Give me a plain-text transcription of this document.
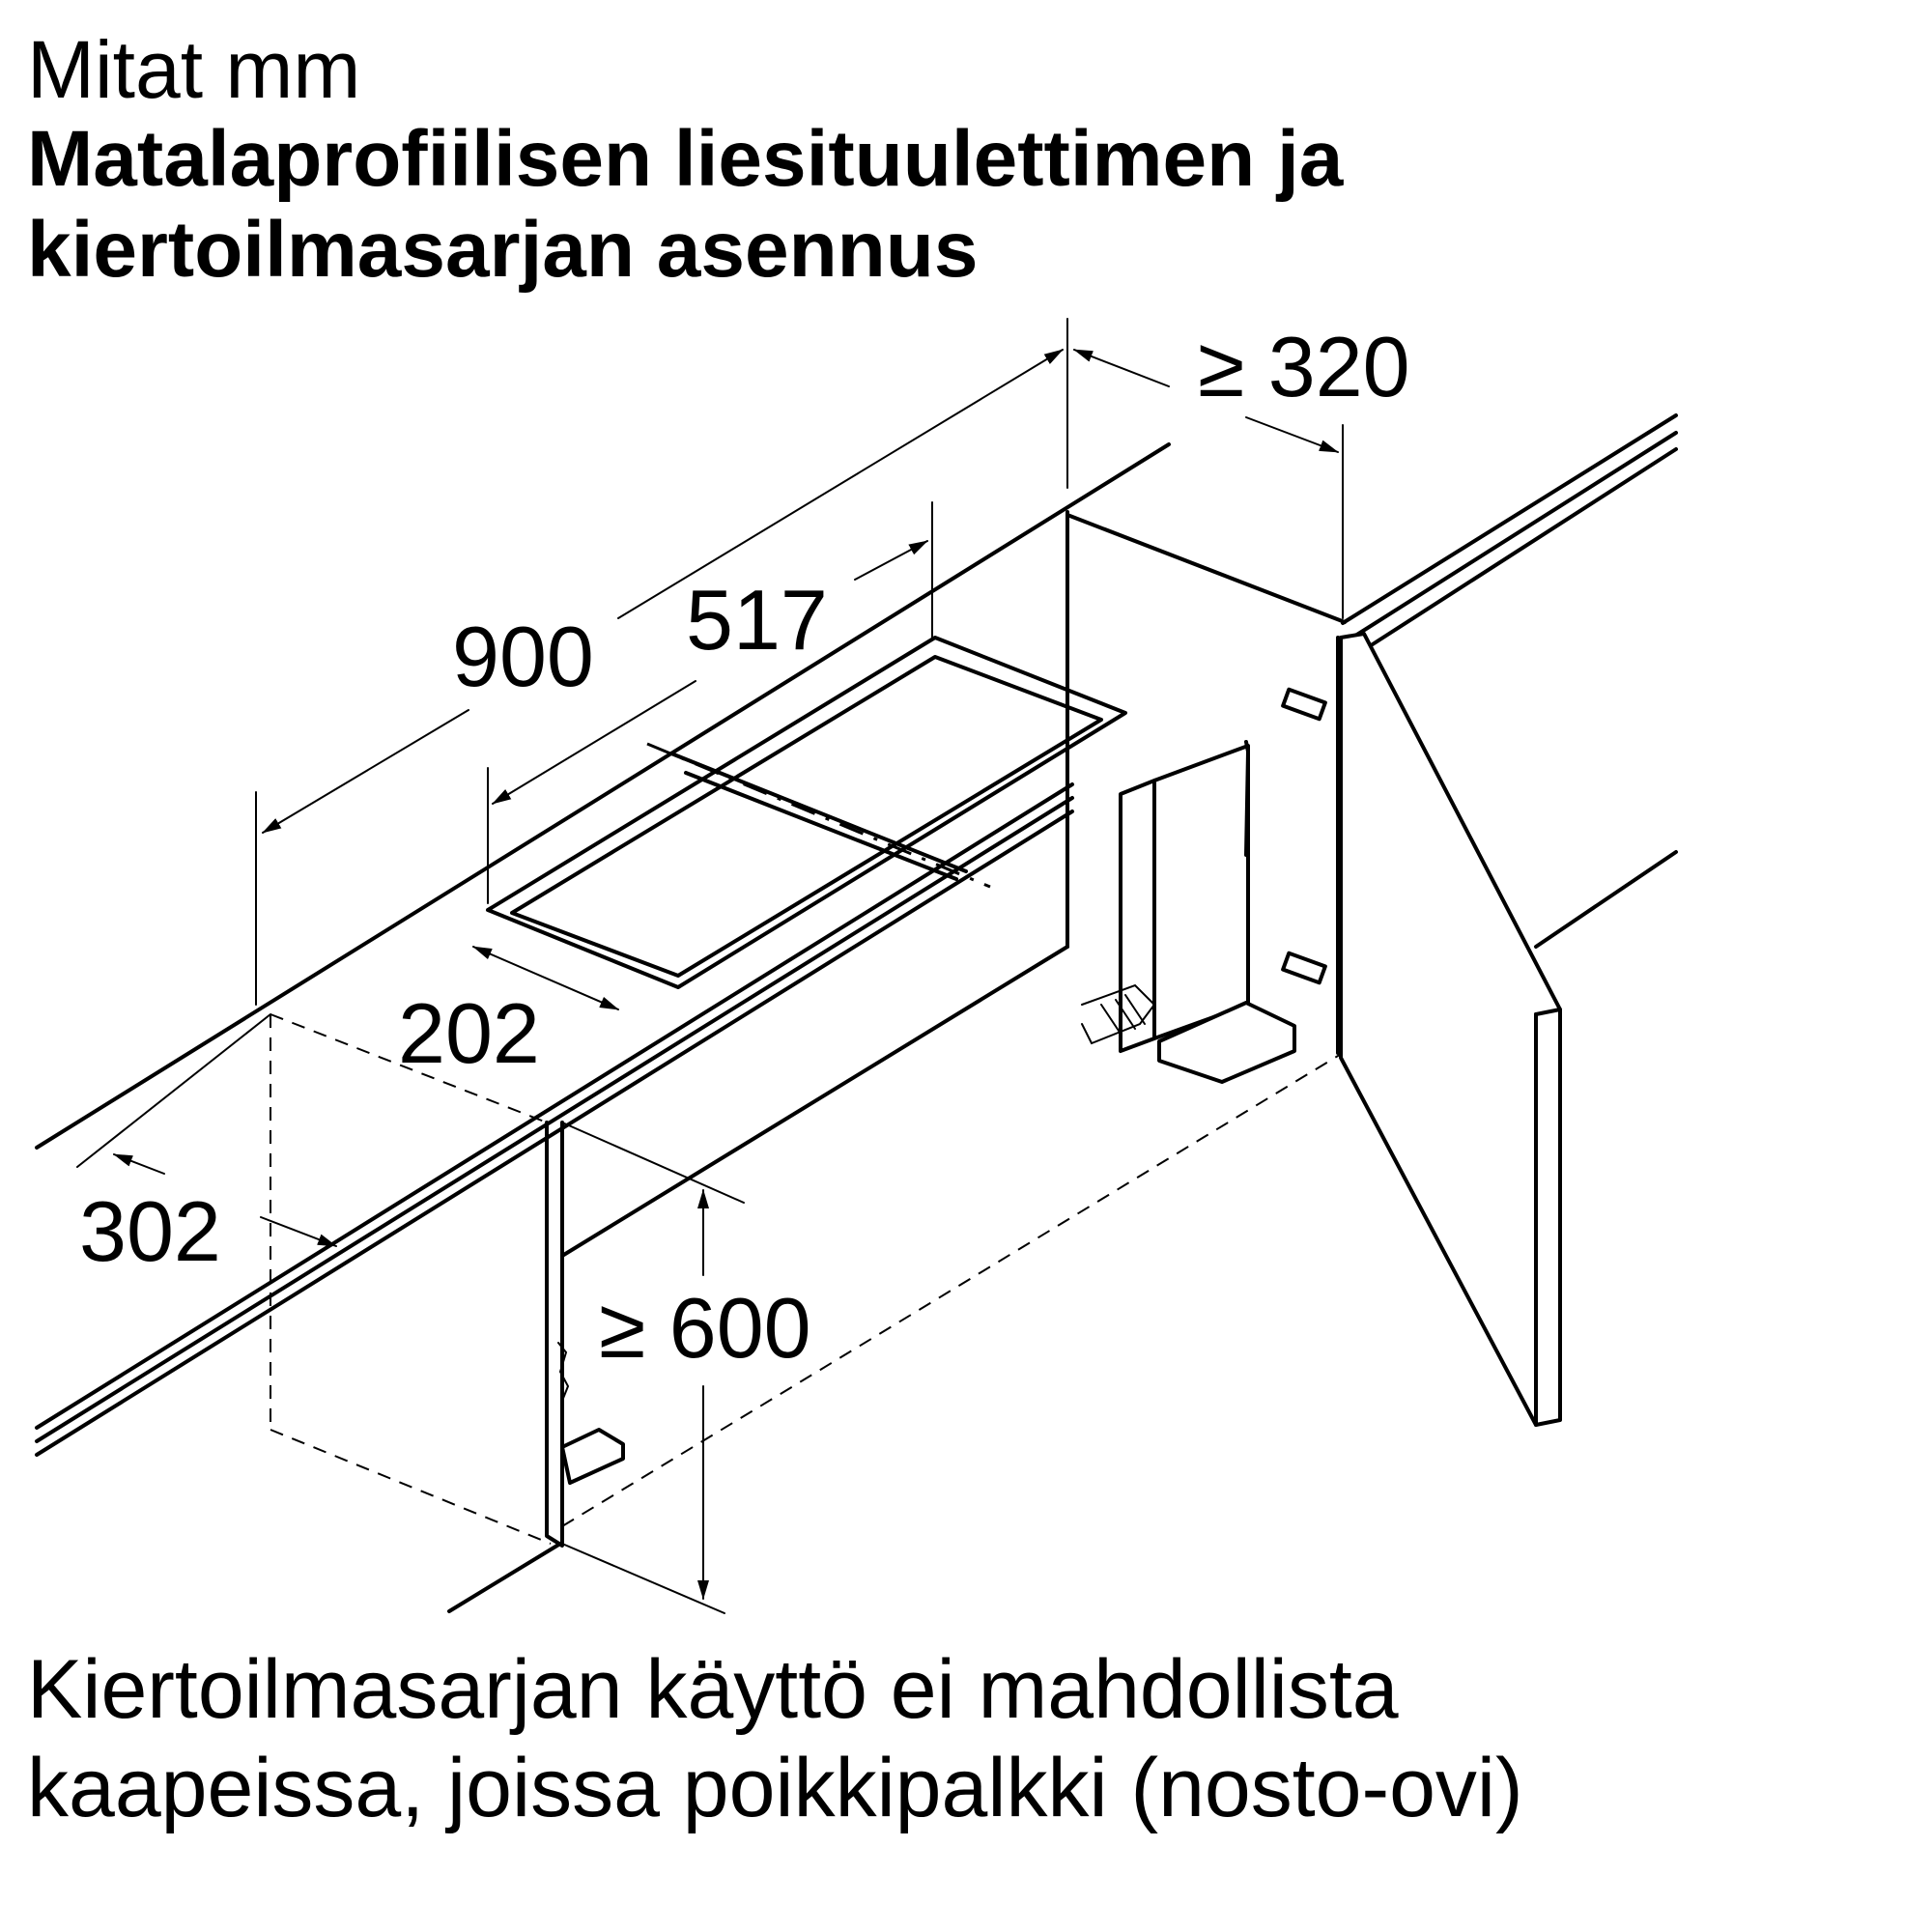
Mitat mm
Matalaprofiilisen liesituulettimen ja
kiertoilmasarjan asennus
≥ 320
517
900
202
302
≥ 600
Kiertoilmasarjan käyttö ei mahdollista
kaapeissa, joissa poikkipalkki (nosto-ovi)
